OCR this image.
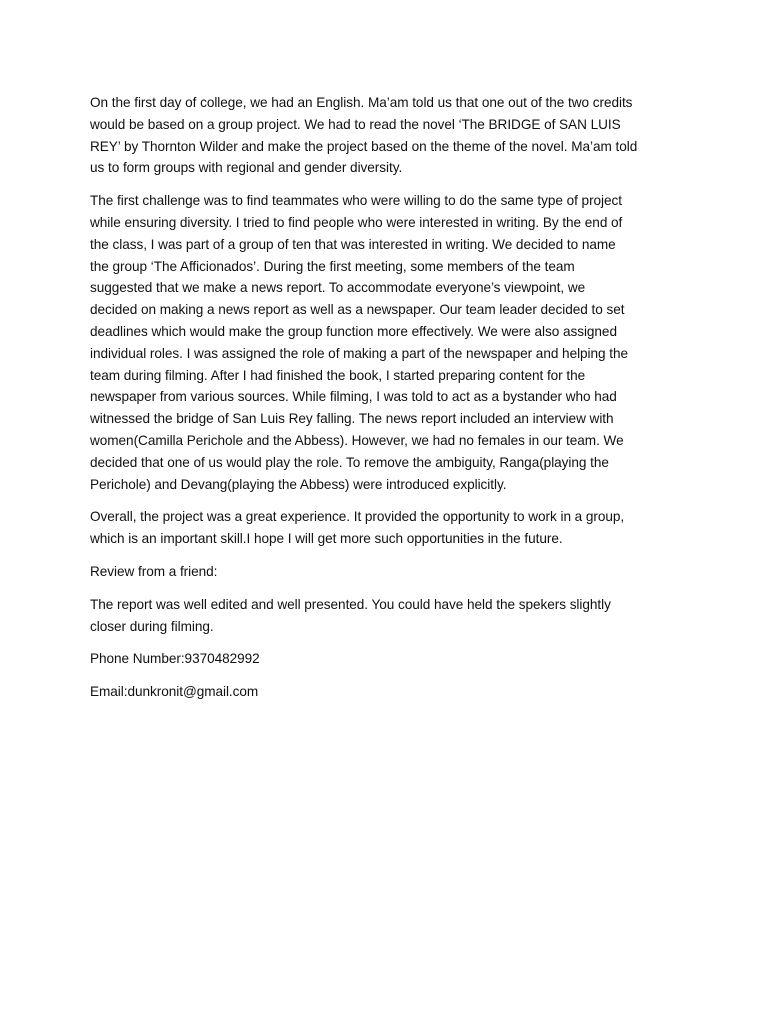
On the first day of college, we had an English. Ma’am told us that one out of the two credits
would be based on a group project. We had to read the novel ‘The BRIDGE of SAN LUIS
REY’ by Thornton Wilder and make the project based on the theme of the novel. Ma’am told
us to form groups with regional and gender diversity.

The first challenge was to find teammates who were willing to do the same type of project
while ensuring diversity. I tried to find people who were interested in writing. By the end of
the class, I was part of a group of ten that was interested in writing. We decided to name
the group ‘The Afficionados’. During the first meeting, some members of the team
suggested that we make a news report. To accommodate everyone’s viewpoint, we
decided on making a news report as well as a newspaper. Our team leader decided to set
deadlines which would make the group function more effectively. We were also assigned
individual roles. I was assigned the role of making a part of the newspaper and helping the
team during filming. After I had finished the book, I started preparing content for the
newspaper from various sources. While filming, I was told to act as a bystander who had
witnessed the bridge of San Luis Rey falling. The news report included an interview with
women(Camilla Perichole and the Abbess). However, we had no females in our team. We
decided that one of us would play the role. To remove the ambiguity, Ranga(playing the
Perichole) and Devang(playing the Abbess) were introduced explicitly.

Overall, the project was a great experience. It provided the opportunity to work in a group,
which is an important skill.I hope I will get more such opportunities in the future.

Review from a friend:

The report was well edited and well presented. You could have held the spekers slightly
closer during filming.

Phone Number:9370482992

Email:dunkronit@gmail.com
